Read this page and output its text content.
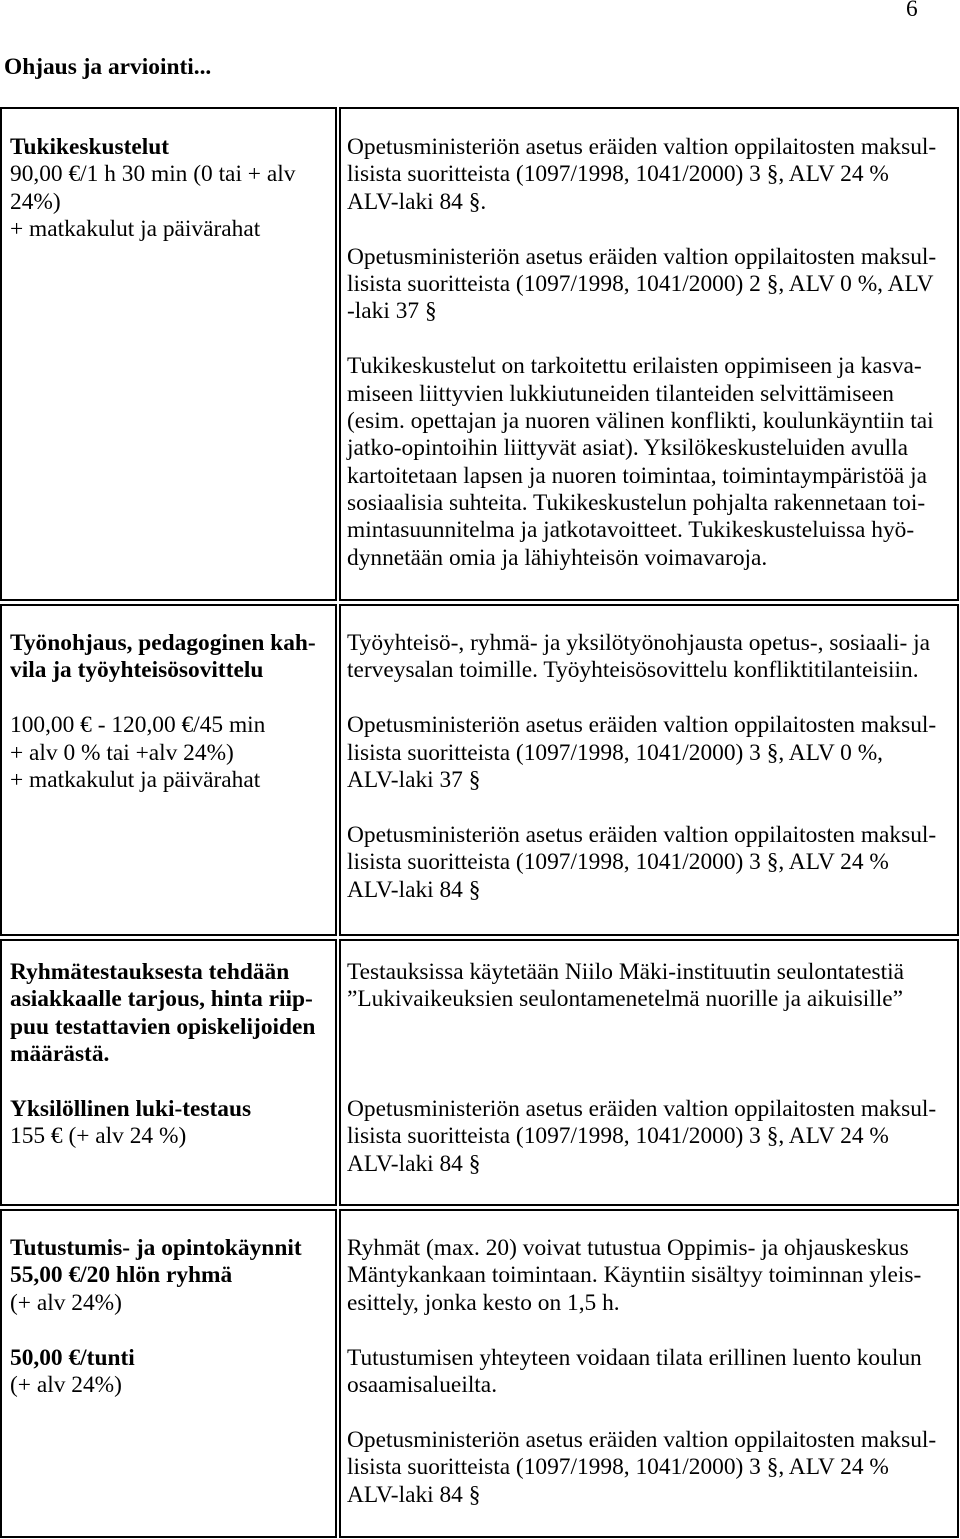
6
Ohjaus ja arviointi...
Tukikeskustelut
90,00 €/1 h 30 min (0 tai + alv
24%)
+ matkakulut ja päivärahat
Opetusministeriön asetus eräiden valtion oppilaitosten maksul-
lisista suoritteista (1097/1998, 1041/2000) 3 §, ALV 24 %
ALV-laki 84 §.
Opetusministeriön asetus eräiden valtion oppilaitosten maksul-
lisista suoritteista (1097/1998, 1041/2000) 2 §, ALV 0 %, ALV
-laki 37 §
Tukikeskustelut on tarkoitettu erilaisten oppimiseen ja kasva-
miseen liittyvien lukkiutuneiden tilanteiden selvittämiseen
(esim. opettajan ja nuoren välinen konflikti, koulunkäyntiin tai
jatko-opintoihin liittyvät asiat). Yksilökeskusteluiden avulla
kartoitetaan lapsen ja nuoren toimintaa, toimintaympäristöä ja
sosiaalisia suhteita. Tukikeskustelun pohjalta rakennetaan toi-
mintasuunnitelma ja jatkotavoitteet. Tukikeskusteluissa hyö-
dynnetään omia ja lähiyhteisön voimavaroja.
Työnohjaus, pedagoginen kah-
vila ja työyhteisösovittelu
100,00 € - 120,00 €/45 min
+ alv 0 % tai +alv 24%)
+ matkakulut ja päivärahat
Työyhteisö-, ryhmä- ja yksilötyönohjausta opetus-, sosiaali- ja
terveysalan toimille. Työyhteisösovittelu konfliktitilanteisiin.
Opetusministeriön asetus eräiden valtion oppilaitosten maksul-
lisista suoritteista (1097/1998, 1041/2000) 3 §, ALV 0 %,
ALV-laki 37 §
Opetusministeriön asetus eräiden valtion oppilaitosten maksul-
lisista suoritteista (1097/1998, 1041/2000) 3 §, ALV 24 %
ALV-laki 84 §
Ryhmätestauksesta tehdään
asiakkaalle tarjous, hinta riip-
puu testattavien opiskelijoiden
määrästä.
Yksilöllinen luki-testaus
155 € (+ alv 24 %)
Testauksissa käytetään Niilo Mäki-instituutin seulontatestiä
”Lukivaikeuksien seulontamenetelmä nuorille ja aikuisille”
Opetusministeriön asetus eräiden valtion oppilaitosten maksul-
lisista suoritteista (1097/1998, 1041/2000) 3 §, ALV 24 %
ALV-laki 84 §
Tutustumis- ja opintokäynnit
55,00 €/20 hlön ryhmä
(+ alv 24%)
50,00 €/tunti
(+ alv 24%)
Ryhmät (max. 20) voivat tutustua Oppimis- ja ohjauskeskus
Mäntykankaan toimintaan. Käyntiin sisältyy toiminnan yleis-
esittely, jonka kesto on 1,5 h.
Tutustumisen yhteyteen voidaan tilata erillinen luento koulun
osaamisalueilta.
Opetusministeriön asetus eräiden valtion oppilaitosten maksul-
lisista suoritteista (1097/1998, 1041/2000) 3 §, ALV 24 %
ALV-laki 84 §
